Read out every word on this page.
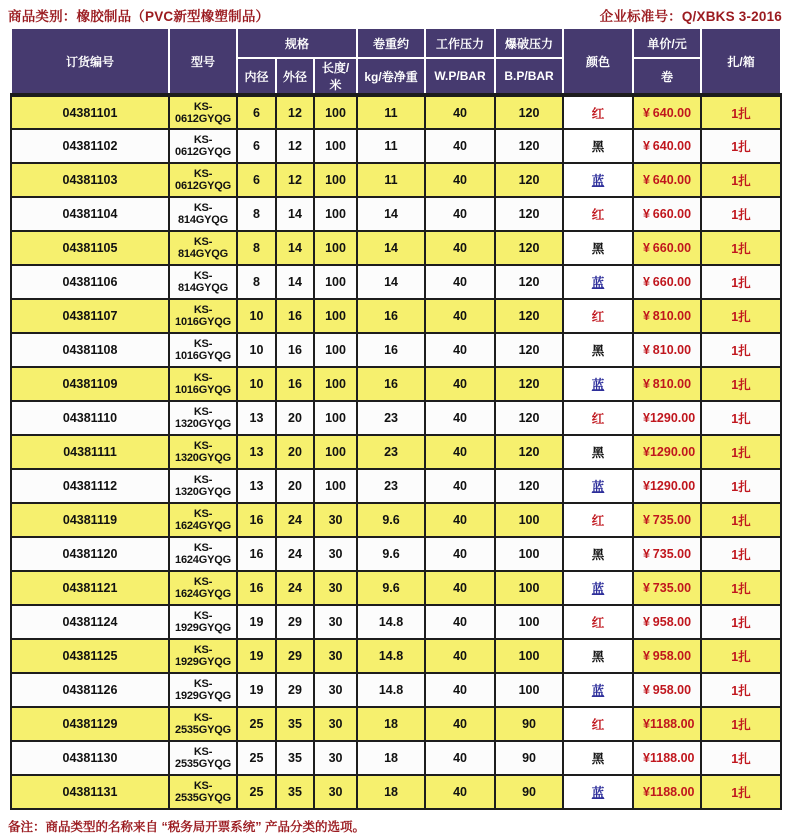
商品类别：橡胶制品（PVC新型橡塑制品）	企业标准号：Q/XBKS 3-2016
订货编号	型号	规格			卷重约	工作压力	爆破压力	颜色	单价/元	扎/箱
		内径	外径	长度/米	kg/卷净重	W.P/BAR	B.P/BAR		卷	
04381101	KS-0612GYQG	6	12	100	11	40	120	红	¥ 640.00	1扎
04381102	KS-0612GYQG	6	12	100	11	40	120	黑	¥ 640.00	1扎
04381103	KS-0612GYQG	6	12	100	11	40	120	蓝	¥ 640.00	1扎
04381104	KS-814GYQG	8	14	100	14	40	120	红	¥ 660.00	1扎
04381105	KS-814GYQG	8	14	100	14	40	120	黑	¥ 660.00	1扎
04381106	KS-814GYQG	8	14	100	14	40	120	蓝	¥ 660.00	1扎
04381107	KS-1016GYQG	10	16	100	16	40	120	红	¥ 810.00	1扎
04381108	KS-1016GYQG	10	16	100	16	40	120	黑	¥ 810.00	1扎
04381109	KS-1016GYQG	10	16	100	16	40	120	蓝	¥ 810.00	1扎
04381110	KS-1320GYQG	13	20	100	23	40	120	红	¥ 1290.00	1扎
04381111	KS-1320GYQG	13	20	100	23	40	120	黑	¥ 1290.00	1扎
04381112	KS-1320GYQG	13	20	100	23	40	120	蓝	¥ 1290.00	1扎
04381119	KS-1624GYQG	16	24	30	9.6	40	100	红	¥ 735.00	1扎
04381120	KS-1624GYQG	16	24	30	9.6	40	100	黑	¥ 735.00	1扎
04381121	KS-1624GYQG	16	24	30	9.6	40	100	蓝	¥ 735.00	1扎
04381124	KS-1929GYQG	19	29	30	14.8	40	100	红	¥ 958.00	1扎
04381125	KS-1929GYQG	19	29	30	14.8	40	100	黑	¥ 958.00	1扎
04381126	KS-1929GYQG	19	29	30	14.8	40	100	蓝	¥ 958.00	1扎
04381129	KS-2535GYQG	25	35	30	18	40	90	红	¥ 1188.00	1扎
04381130	KS-2535GYQG	25	35	30	18	40	90	黑	¥ 1188.00	1扎
04381131	KS-2535GYQG	25	35	30	18	40	90	蓝	¥ 1188.00	1扎
备注：商品类型的名称来自 “税务局开票系统” 产品分类的选项。
